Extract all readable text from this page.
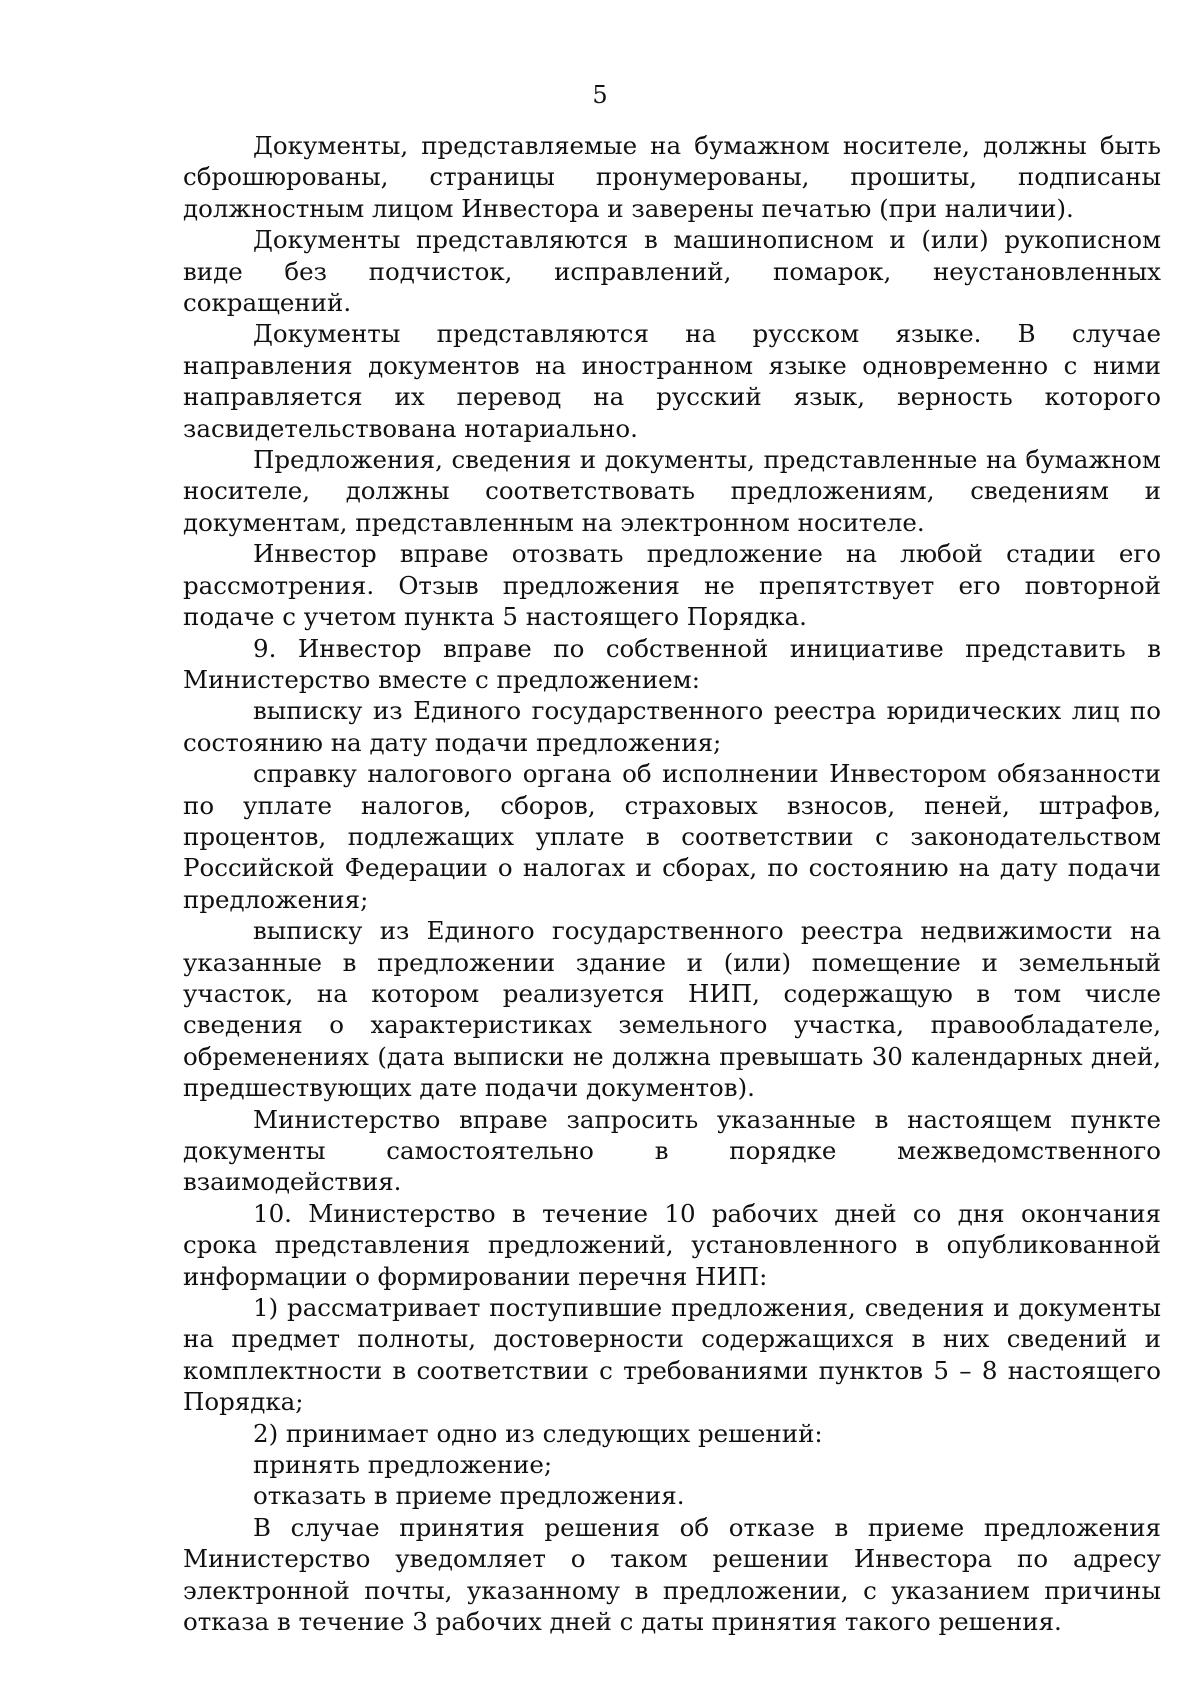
5

Документы, представляемые на бумажном носителе, должны быть сброшюрованы, страницы пронумерованы, прошиты, подписаны должностным лицом Инвестора и заверены печатью (при наличии).

Документы представляются в машинописном и (или) рукописном виде без подчисток, исправлений, помарок, неустановленных сокращений.

Документы представляются на русском языке. В случае направления документов на иностранном языке одновременно с ними направляется их перевод на русский язык, верность которого засвидетельствована нотариально.

Предложения, сведения и документы, представленные на бумажном носителе, должны соответствовать предложениям, сведениям и документам, представленным на электронном носителе.

Инвестор вправе отозвать предложение на любой стадии его рассмотрения. Отзыв предложения не препятствует его повторной подаче с учетом пункта 5 настоящего Порядка.

9. Инвестор вправе по собственной инициативе представить в Министерство вместе с предложением:

выписку из Единого государственного реестра юридических лиц по состоянию на дату подачи предложения;

справку налогового органа об исполнении Инвестором обязанности по уплате налогов, сборов, страховых взносов, пеней, штрафов, процентов, подлежащих уплате в соответствии с законодательством Российской Федерации о налогах и сборах, по состоянию на дату подачи предложения;

выписку из Единого государственного реестра недвижимости на указанные в предложении здание и (или) помещение и земельный участок, на котором реализуется НИП, содержащую в том числе сведения о характеристиках земельного участка, правообладателе, обременениях (дата выписки не должна превышать 30 календарных дней, предшествующих дате подачи документов).

Министерство вправе запросить указанные в настоящем пункте документы самостоятельно в порядке межведомственного взаимодействия.

10. Министерство в течение 10 рабочих дней со дня окончания срока представления предложений, установленного в опубликованной информации о формировании перечня НИП:

1) рассматривает поступившие предложения, сведения и документы на предмет полноты, достоверности содержащихся в них сведений и комплектности в соответствии с требованиями пунктов 5 – 8 настоящего Порядка;

2) принимает одно из следующих решений:

принять предложение;

отказать в приеме предложения.

В случае принятия решения об отказе в приеме предложения Министерство уведомляет о таком решении Инвестора по адресу электронной почты, указанному в предложении, с указанием причины отказа в течение 3 рабочих дней с даты принятия такого решения.
